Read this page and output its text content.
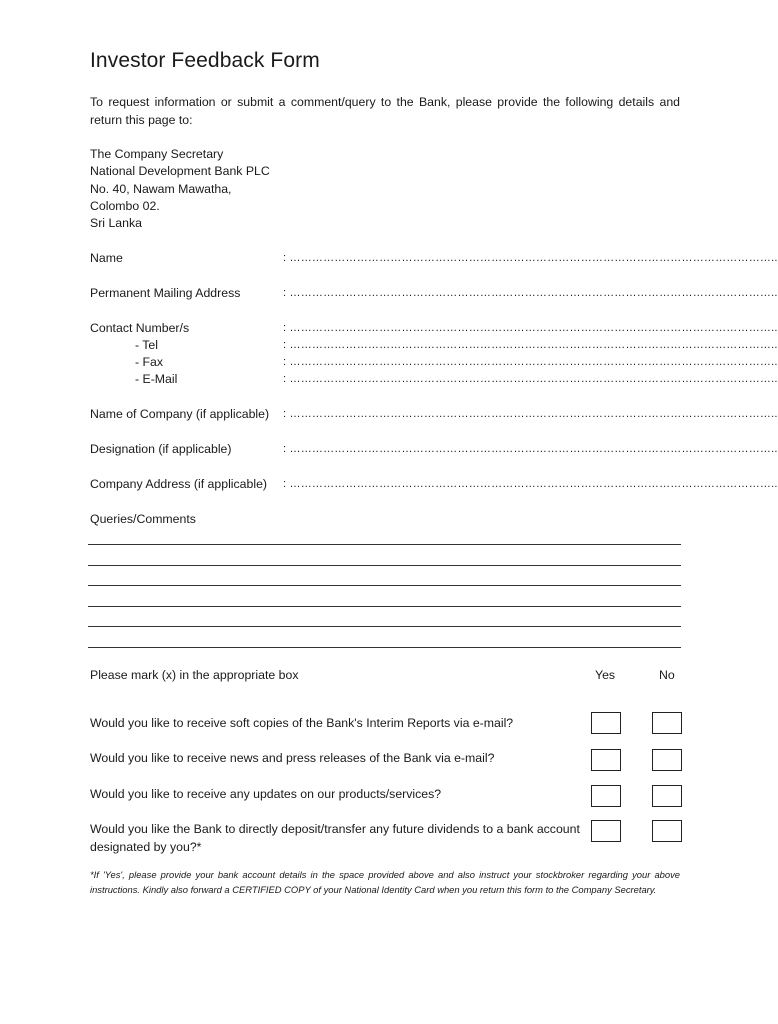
Investor Feedback Form
To request information or submit a comment/query to the Bank, please provide the following details and return this page to:
The Company Secretary
National Development Bank PLC
No. 40, Nawam Mawatha,
Colombo 02.
Sri Lanka
Name	: …………………………………………………………………………………………………………………..
Permanent Mailing Address	: …………………………………………………………………………………………………………………..
Contact Number/s	: …………………………………………………………………………………………………………………..
- Tel	: …………………………………………………………………………………………………………………..
- Fax	: …………………………………………………………………………………………………………………..
- E-Mail	: …………………………………………………………………………………………………………………..
Name of Company (if applicable) : …………………………………………………………………………………………………………………..
Designation (if applicable)	: …………………………………………………………………………………………………………………..
Company Address (if applicable) : …………………………………………………………………………………………………………………..
Queries/Comments
Please mark (x) in the appropriate box	Yes	No
Would you like to receive soft copies of the Bank's Interim Reports via e-mail?
Would you like to receive news and press releases of the Bank via e-mail?
Would you like to receive any updates on our products/services?
Would you like the Bank to directly deposit/transfer any future dividends to a bank account designated by you?*
*If 'Yes', please provide your bank account details in the space provided above and also instruct your stockbroker regarding your above instructions. Kindly also forward a CERTIFIED COPY of your National Identity Card when you return this form to the Company Secretary.
